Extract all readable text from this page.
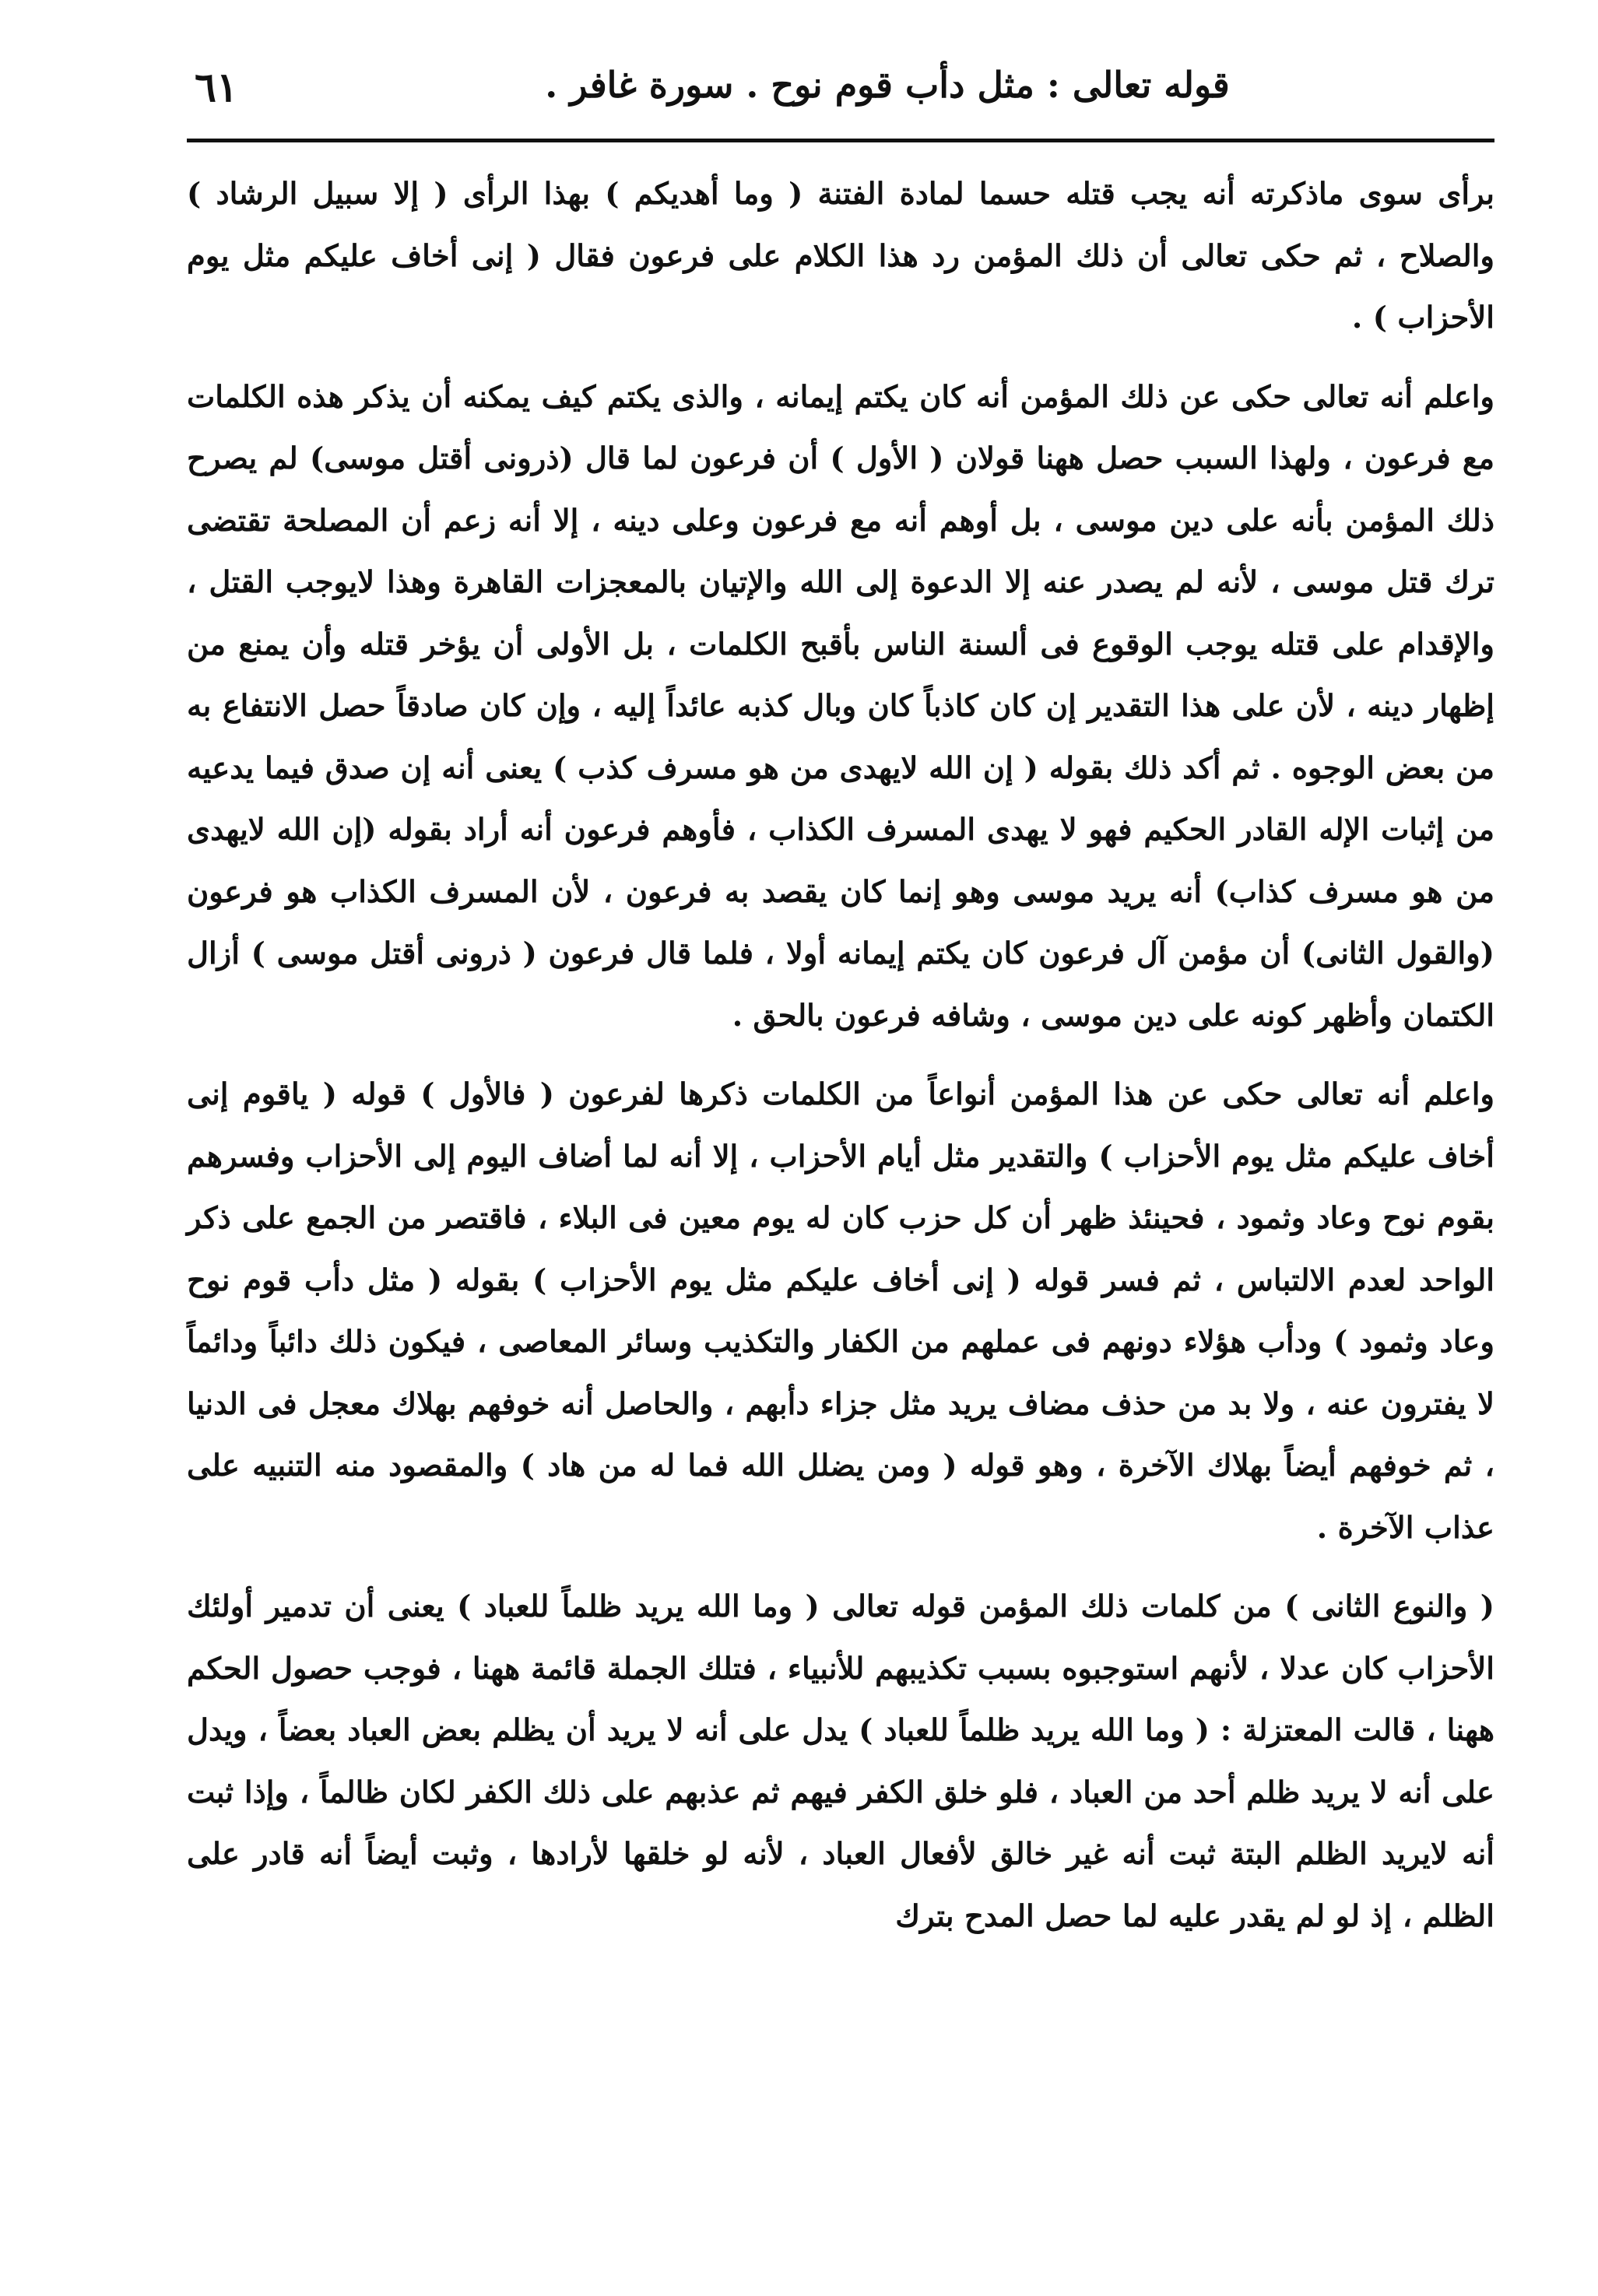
قوله تعالى : مثل دأب قوم نوح . سورة غافر .
٦١

برأى سوى ماذكرته أنه يجب قتله حسما لمادة الفتنة ( وما أهديكم ) بهذا الرأى ( إلا سبيل الرشاد ) والصلاح ، ثم حكى تعالى أن ذلك المؤمن رد هذا الكلام على فرعون فقال ( إنى أخاف عليكم مثل يوم الأحزاب ) .

واعلم أنه تعالى حكى عن ذلك المؤمن أنه كان يكتم إيمانه ، والذى يكتم كيف يمكنه أن يذكر هذه الكلمات مع فرعون ، ولهذا السبب حصل ههنا قولان ( الأول ) أن فرعون لما قال (ذرونى أقتل موسى) لم يصرح ذلك المؤمن بأنه على دين موسى ، بل أوهم أنه مع فرعون وعلى دينه ، إلا أنه زعم أن المصلحة تقتضى ترك قتل موسى ، لأنه لم يصدر عنه إلا الدعوة إلى الله والإتيان بالمعجزات القاهرة وهذا لايوجب القتل ، والإقدام على قتله يوجب الوقوع فى ألسنة الناس بأقبح الكلمات ، بل الأولى أن يؤخر قتله وأن يمنع من إظهار دينه ، لأن على هذا التقدير إن كان كاذباً كان وبال كذبه عائداً إليه ، وإن كان صادقاً حصل الانتفاع به من بعض الوجوه . ثم أكد ذلك بقوله ( إن الله لايهدى من هو مسرف كذب ) يعنى أنه إن صدق فيما يدعيه من إثبات الإله القادر الحكيم فهو لا يهدى المسرف الكذاب ، فأوهم فرعون أنه أراد بقوله (إن الله لايهدى من هو مسرف كذاب) أنه يريد موسى وهو إنما كان يقصد به فرعون ، لأن المسرف الكذاب هو فرعون (والقول الثانى) أن مؤمن آل فرعون كان يكتم إيمانه أولا ، فلما قال فرعون ( ذرونى أقتل موسى ) أزال الكتمان وأظهر كونه على دين موسى ، وشافه فرعون بالحق .

واعلم أنه تعالى حكى عن هذا المؤمن أنواعاً من الكلمات ذكرها لفرعون ( فالأول ) قوله ( ياقوم إنى أخاف عليكم مثل يوم الأحزاب ) والتقدير مثل أيام الأحزاب ، إلا أنه لما أضاف اليوم إلى الأحزاب وفسرهم بقوم نوح وعاد وثمود ، فحينئذ ظهر أن كل حزب كان له يوم معين فى البلاء ، فاقتصر من الجمع على ذكر الواحد لعدم الالتباس ، ثم فسر قوله ( إنى أخاف عليكم مثل يوم الأحزاب ) بقوله ( مثل دأب قوم نوح وعاد وثمود ) ودأب هؤلاء دونهم فى عملهم من الكفار والتكذيب وسائر المعاصى ، فيكون ذلك دائباً ودائماً لا يفترون عنه ، ولا بد من حذف مضاف يريد مثل جزاء دأبهم ، والحاصل أنه خوفهم بهلاك معجل فى الدنيا ، ثم خوفهم أيضاً بهلاك الآخرة ، وهو قوله ( ومن يضلل الله فما له من هاد ) والمقصود منه التنبيه على عذاب الآخرة .

( والنوع الثانى ) من كلمات ذلك المؤمن قوله تعالى ( وما الله يريد ظلماً للعباد ) يعنى أن تدمير أولئك الأحزاب كان عدلا ، لأنهم استوجبوه بسبب تكذيبهم للأنبياء ، فتلك الجملة قائمة ههنا ، فوجب حصول الحكم ههنا ، قالت المعتزلة : ( وما الله يريد ظلماً للعباد ) يدل على أنه لا يريد أن يظلم بعض العباد بعضاً ، ويدل على أنه لا يريد ظلم أحد من العباد ، فلو خلق الكفر فيهم ثم عذبهم على ذلك الكفر لكان ظالماً ، وإذا ثبت أنه لايريد الظلم البتة ثبت أنه غير خالق لأفعال العباد ، لأنه لو خلقها لأرادها ، وثبت أيضاً أنه قادر على الظلم ، إذ لو لم يقدر عليه لما حصل المدح بترك
